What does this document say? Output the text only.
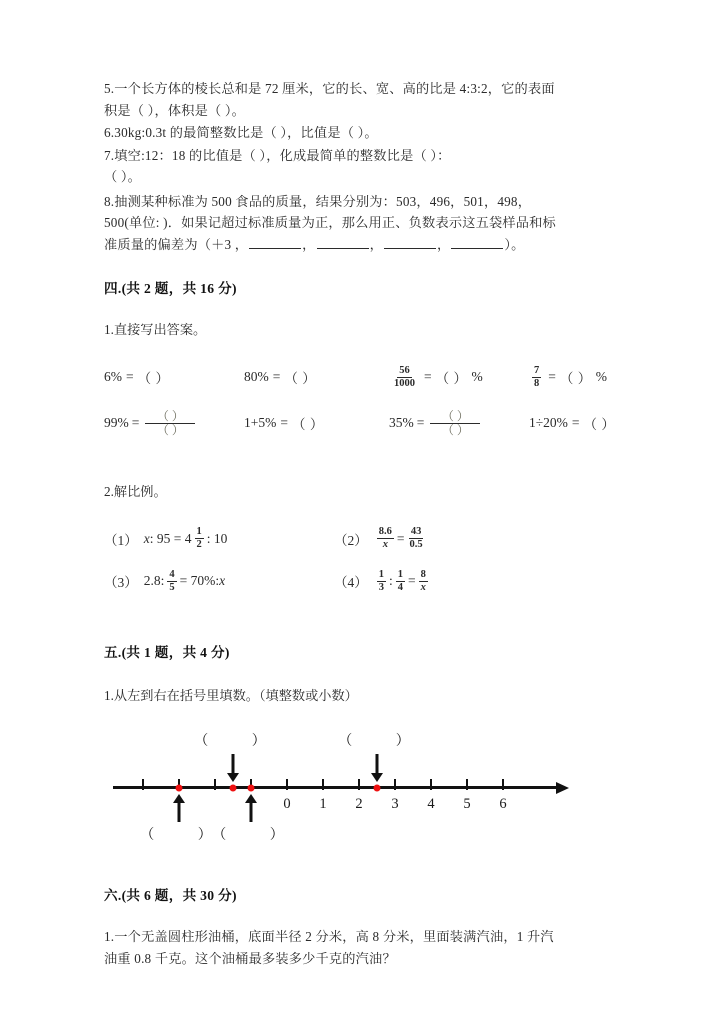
5.一个长方体的棱长总和是 72 厘米，它的长、宽、高的比是 4:3:2，它的表面
积是（ ），体积是（ ）。
6.30kg:0.3t 的最简整数比是（ ），比值是（ ）。
7.填空:12：18 的比值是（ ），化成最简单的整数比是（ ）：
（ ）。
8.抽测某种标准为 500 食品的质量，结果分别为：503，496，501，498，
500(单位: )．如果记超过标准质量为正，那么用正、负数表示这五袋样品和标
准质量的偏差为（＋3 ，	，	，	，	）。
四.(共 2 题，共 16 分)
1.直接写出答案。
6% = （ ）	80% = （ ）	$\frac{56}{1000}$ = （ ） %	$\frac{7}{8}$ = （ ） %
$99\% = \frac{( )}{( )}$	1+5% = （ ）	$35\% = \frac{( )}{( )}$	1÷20% = （ ）
2.解比例。
（1） x : $95 = 4 \frac{1}{2}$ : 10	$(2) \frac{8.6}{x} = \frac{43}{0.5}$
（3） 2.8: $\frac{4}{5} = 70\%$: x	$(4) \frac{1}{3}$ : $\frac{1}{4} = \frac{8}{x}$
五.(共 1 题，共 4 分)
1.从左到右在括号里填数。（填整数或小数）
0 1 2 3 4 5 6
（ ）	（ ）
（ ）
（ ）
六.(共 6 题，共 30 分)
1.一个无盖圆柱形油桶，底面半径 2 分米，高 8 分米，里面装满汽油，1 升汽
油重 0.8 千克。这个油桶最多装多少千克的汽油？
